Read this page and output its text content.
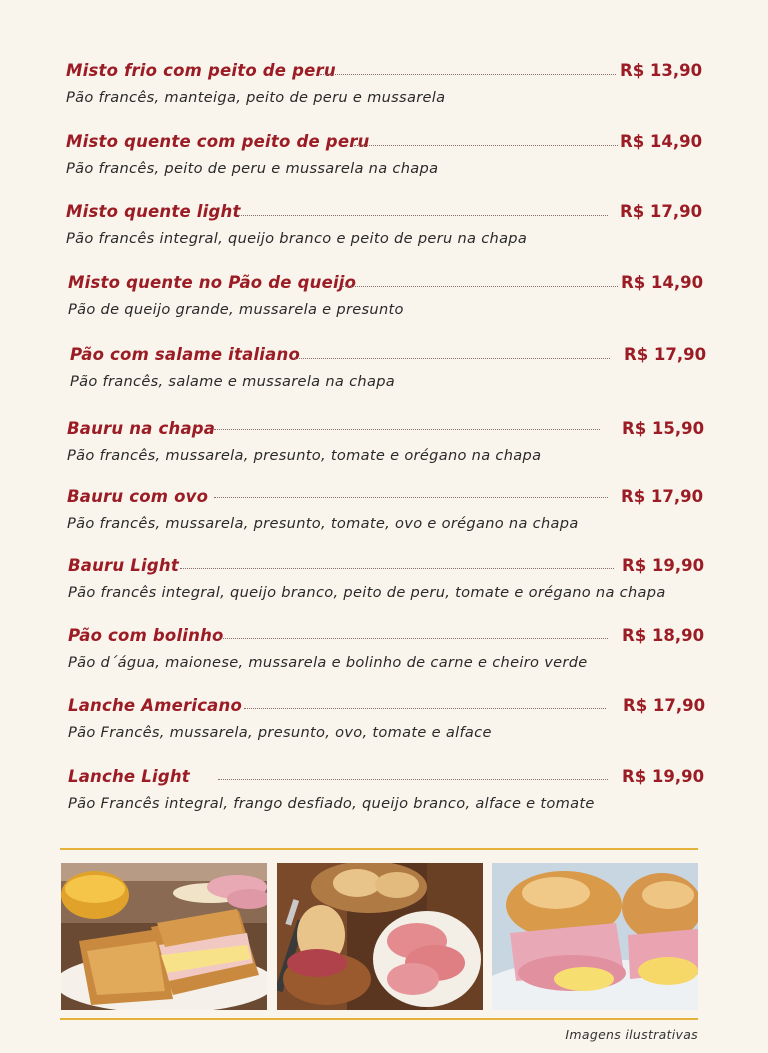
Misto frio com peito de peru	R$ 13,90
Pão francês, manteiga, peito de peru e mussarela
Misto quente com peito de peru	R$ 14,90
Pão francês, peito de peru e mussarela na chapa
Misto quente light	R$ 17,90
Pão francês integral, queijo branco e peito de peru na chapa
Misto quente no Pão de queijo	R$ 14,90
Pão de queijo grande, mussarela e presunto
Pão com salame italiano	R$ 17,90
Pão francês, salame e mussarela na chapa
Bauru na chapa	R$ 15,90
Pão francês, mussarela, presunto, tomate e orégano na chapa
Bauru com ovo	R$ 17,90
Pão francês, mussarela, presunto, tomate, ovo e orégano na chapa
Bauru Light	R$ 19,90
Pão francês integral, queijo branco, peito de peru, tomate e orégano na chapa
Pão com bolinho	R$ 18,90
Pão d´água, maionese, mussarela e bolinho de carne e cheiro verde
Lanche Americano	R$ 17,90
Pão Francês, mussarela, presunto, ovo, tomate e alface
Lanche Light	R$ 19,90
Pão Francês integral, frango desfiado, queijo branco, alface e tomate
Imagens ilustrativas
